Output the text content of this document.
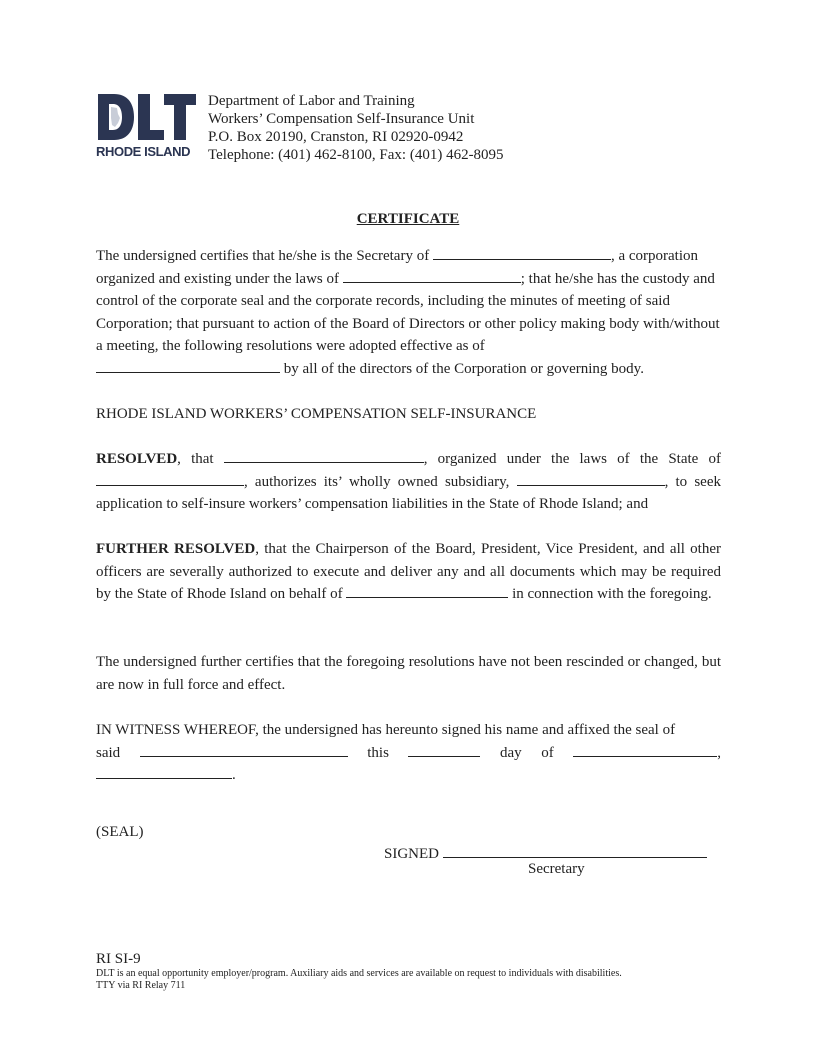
RHODE ISLAND
Department of Labor and Training
Workers’ Compensation Self-Insurance Unit
P.O. Box 20190, Cranston, RI 02920-0942
Telephone: (401) 462-8100, Fax: (401) 462-8095
CERTIFICATE
The undersigned certifies that he/she is the Secretary of	, a corporation organized and existing under the laws of	; that he/she has the custody and control of the corporate seal and the corporate records, including the minutes of meeting of said Corporation; that pursuant to action of the Board of Directors or other policy making body with/without a meeting, the following resolutions were adopted effective as of
by all of the directors of the Corporation or governing body.
RHODE ISLAND WORKERS’ COMPENSATION SELF-INSURANCE
RESOLVED, that	, organized under the laws of the State of , authorizes its’ wholly owned subsidiary,	, to seek application to self-insure workers’ compensation liabilities in the State of Rhode Island; and
FURTHER RESOLVED, that the Chairperson of the Board, President, Vice President, and all other officers are severally authorized to execute and deliver any and all documents which may be required by the State of Rhode Island on behalf of	in connection with the foregoing.
The undersigned further certifies that the foregoing resolutions have not been rescinded or changed, but are now in full force and effect.
IN WITNESS WHEREOF, the undersigned has hereunto signed his name and affixed the seal of
said	this	day of	,
.
(SEAL)
SIGNED
Secretary
RI SI-9
DLT is an equal opportunity employer/program. Auxiliary aids and services are available on request to individuals with disabilities.
TTY via RI Relay 711
